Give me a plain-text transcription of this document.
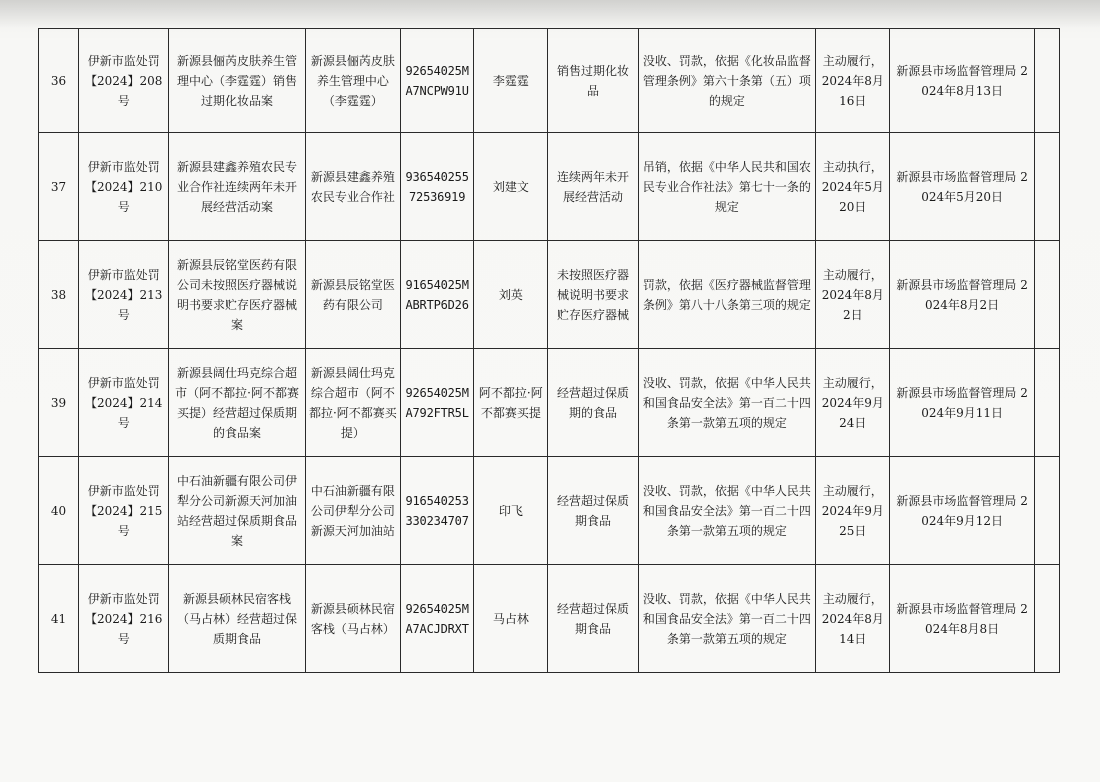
36	伊新市监处罚【2024】208号	新源县俪芮皮肤养生管理中心（李霆霆）销售过期化妆品案	新源县俪芮皮肤养生管理中心（李霆霆）	92654025MA7NCPW91U	李霆霆	销售过期化妆品	没收、罚款，依据《化妆品监督管理条例》第六十条第（五）项的规定	主动履行，2024年8月16日	新源县市场监督管理局 2024年8月13日	
37	伊新市监处罚【2024】210号	新源县建鑫养殖农民专业合作社连续两年未开展经营活动案	新源县建鑫养殖农民专业合作社	93654025572536919	刘建文	连续两年未开展经营活动	吊销，依据《中华人民共和国农民专业合作社法》第七十一条的规定	主动执行，2024年5月20日	新源县市场监督管理局 2024年5月20日	
38	伊新市监处罚【2024】213号	新源县辰铭堂医药有限公司未按照医疗器械说明书要求贮存医疗器械案	新源县辰铭堂医药有限公司	91654025MABRTP6D26	刘英	未按照医疗器械说明书要求贮存医疗器械	罚款，依据《医疗器械监督管理条例》第八十八条第三项的规定	主动履行，2024年8月2日	新源县市场监督管理局 2024年8月2日	
39	伊新市监处罚【2024】214号	新源县阔仕玛克综合超市（阿不都拉·阿不都赛买提）经营超过保质期的食品案	新源县阔仕玛克综合超市（阿不都拉·阿不都赛买提）	92654025MA792FTR5L	阿不都拉·阿不都赛买提	经营超过保质期的食品	没收、罚款，依据《中华人民共和国食品安全法》第一百二十四条第一款第五项的规定	主动履行，2024年9月24日	新源县市场监督管理局 2024年9月11日	
40	伊新市监处罚【2024】215号	中石油新疆有限公司伊犁分公司新源天河加油站经营超过保质期食品案	中石油新疆有限公司伊犁分公司新源天河加油站	916540253330234707	印飞	经营超过保质期食品	没收、罚款，依据《中华人民共和国食品安全法》第一百二十四条第一款第五项的规定	主动履行，2024年9月25日	新源县市场监督管理局 2024年9月12日	
41	伊新市监处罚【2024】216号	新源县硕林民宿客栈（马占林）经营超过保质期食品	新源县硕林民宿客栈（马占林）	92654025MA7ACJDRXT	马占林	经营超过保质期食品	没收、罚款，依据《中华人民共和国食品安全法》第一百二十四条第一款第五项的规定	主动履行，2024年8月14日	新源县市场监督管理局 2024年8月8日	
